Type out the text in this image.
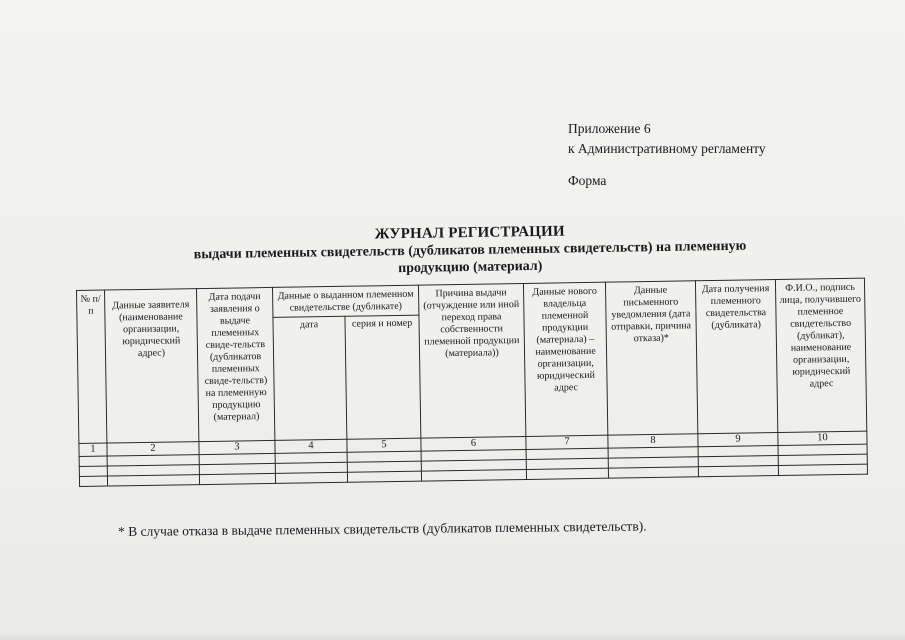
Приложение 6
к Административному регламенту
Форма
ЖУРНАЛ РЕГИСТРАЦИИ
выдачи племенных свидетельств (дубликатов племенных свидетельств) на племенную
продукцию (материал)
№ п/п	Данные заявителя (наименование организации, юридический адрес)	Дата подачи заявления о выдаче племенных свиде-тельств (дубликатов племенных свиде-тельств) на племенную продукцию (материал)	Данные о выданном племенном свидетельстве (дубликате)		Причина выдачи (отчуждение или иной переход права собственности племенной продукции (материала))	Данные нового владельца племенной продукции (материала) – наименование организации, юридический адрес	Данные письменного уведомления (дата отправки, причина отказа)*	Дата получения племенного свидетельства (дубликата)	Ф.И.О., подпись лица, получившего племенное свидетельство (дубликат), наименование организации, юридический адрес
			дата	серия и номер					
1	2	3	4	5	6	7	8	9	10

* В случае отказа в выдаче племенных свидетельств (дубликатов племенных свидетельств).
